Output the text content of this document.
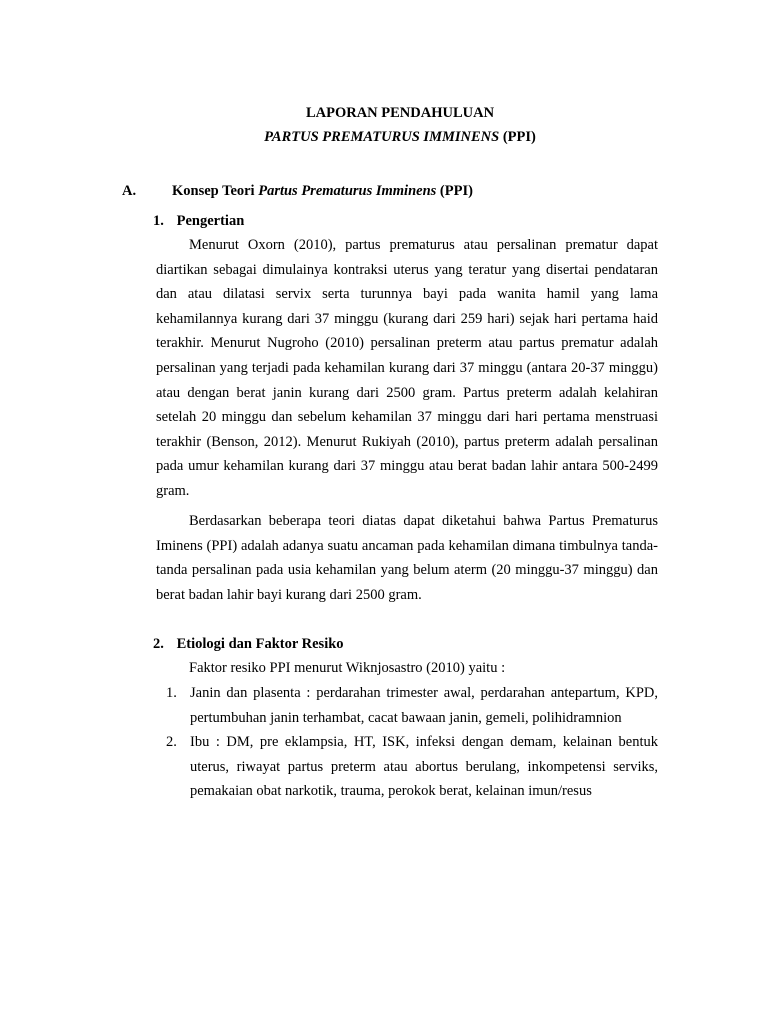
LAPORAN PENDAHULUAN
PARTUS PREMATURUS IMMINENS (PPI)
A. Konsep Teori Partus Prematurus Imminens (PPI)
1. Pengertian

Menurut Oxorn (2010), partus prematurus atau persalinan prematur dapat diartikan sebagai dimulainya kontraksi uterus yang teratur yang disertai pendataran dan atau dilatasi servix serta turunnya bayi pada wanita hamil yang lama kehamilannya kurang dari 37 minggu (kurang dari 259 hari) sejak hari pertama haid terakhir. Menurut Nugroho (2010) persalinan preterm atau partus prematur adalah persalinan yang terjadi pada kehamilan kurang dari 37 minggu (antara 20-37 minggu) atau dengan berat janin kurang dari 2500 gram. Partus preterm adalah kelahiran setelah 20 minggu dan sebelum kehamilan 37 minggu dari hari pertama menstruasi terakhir (Benson, 2012). Menurut Rukiyah (2010), partus preterm adalah persalinan pada umur kehamilan kurang dari 37 minggu atau berat badan lahir antara 500-2499 gram.

Berdasarkan beberapa teori diatas dapat diketahui bahwa Partus Prematurus Iminens (PPI) adalah adanya suatu ancaman pada kehamilan dimana timbulnya tanda-tanda persalinan pada usia kehamilan yang belum aterm (20 minggu-37 minggu) dan berat badan lahir bayi kurang dari 2500 gram.

2. Etiologi dan Faktor Resiko
Faktor resiko PPI menurut Wiknjosastro (2010) yaitu :
1. Janin dan plasenta : perdarahan trimester awal, perdarahan antepartum, KPD, pertumbuhan janin terhambat, cacat bawaan janin, gemeli, polihidramnion
2. Ibu : DM, pre eklampsia, HT, ISK, infeksi dengan demam, kelainan bentuk uterus, riwayat partus preterm atau abortus berulang, inkompetensi serviks, pemakaian obat narkotik, trauma, perokok berat, kelainan imun/resus
